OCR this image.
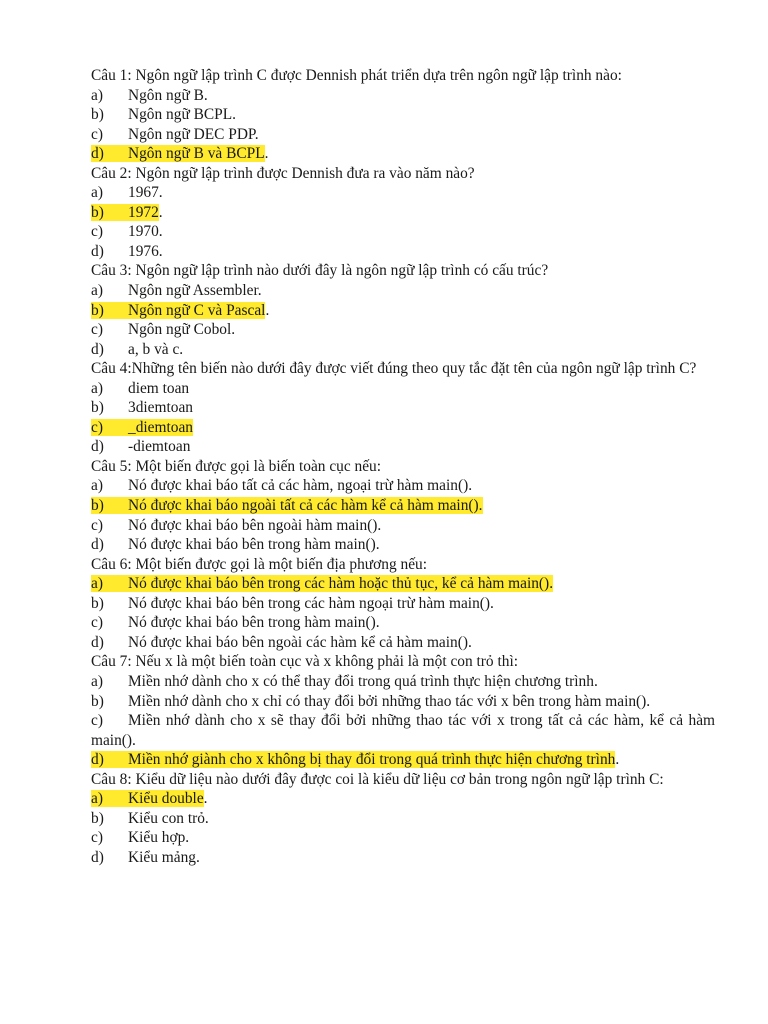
Câu 1: Ngôn ngữ lập trình C được Dennish phát triển dựa trên ngôn ngữ lập trình nào:

a)	Ngôn ngữ B.

b)	Ngôn ngữ BCPL.

c)	Ngôn ngữ DEC PDP.

d) Ngôn ngữ B và BCPL.

Câu 2: Ngôn ngữ lập trình được Dennish đưa ra vào năm nào?

a)	1967.

b) 1972.

c)	1970.

d)	1976.

Câu 3: Ngôn ngữ lập trình nào dưới đây là ngôn ngữ lập trình có cấu trúc?

a)	Ngôn ngữ Assembler.

b) Ngôn ngữ C và Pascal.

c)	Ngôn ngữ Cobol.

d)	a, b và c.

Câu 4:Những tên biến nào dưới đây được viết đúng theo quy tắc đặt tên của ngôn ngữ lập trình C?

a)	diem toan

b)	3diemtoan

c) _diemtoan

d)	-diemtoan

Câu 5: Một biến được gọi là biến toàn cục nếu:

a)	Nó được khai báo tất cả các hàm, ngoại trừ hàm main().

b) Nó được khai báo ngoài tất cả các hàm kể cả hàm main().

c)	Nó được khai báo bên ngoài hàm main().

d)	Nó được khai báo bên trong hàm main().

Câu 6: Một biến được gọi là một biến địa phương nếu:

a) Nó được khai báo bên trong các hàm hoặc thủ tục, kể cả hàm main().

b)	Nó được khai báo bên trong các hàm ngoại trừ hàm main().

c)	Nó được khai báo bên trong hàm main().

d)	Nó được khai báo bên ngoài các hàm kể cả hàm main().

Câu 7: Nếu x là một biến toàn cục và x không phải là một con trỏ thì:

a)	Miền nhớ dành cho x có thể thay đổi trong quá trình thực hiện chương trình.

b) Miền nhớ dành cho x chỉ có thay đổi bởi những thao tác với x bên trong hàm main().

c) Miền nhớ dành cho x sẽ thay đổi bởi những thao tác với x trong tất cả các hàm, kể cả hàm main().

d) Miền nhớ giành cho x không bị thay đổi trong quá trình thực hiện chương trình.

Câu 8: Kiểu dữ liệu nào dưới đây được coi là kiểu dữ liệu cơ bản trong ngôn ngữ lập trình C:

a) Kiểu double.

b)	Kiểu con trỏ.

c)	Kiểu hợp.

d)	Kiểu mảng.
